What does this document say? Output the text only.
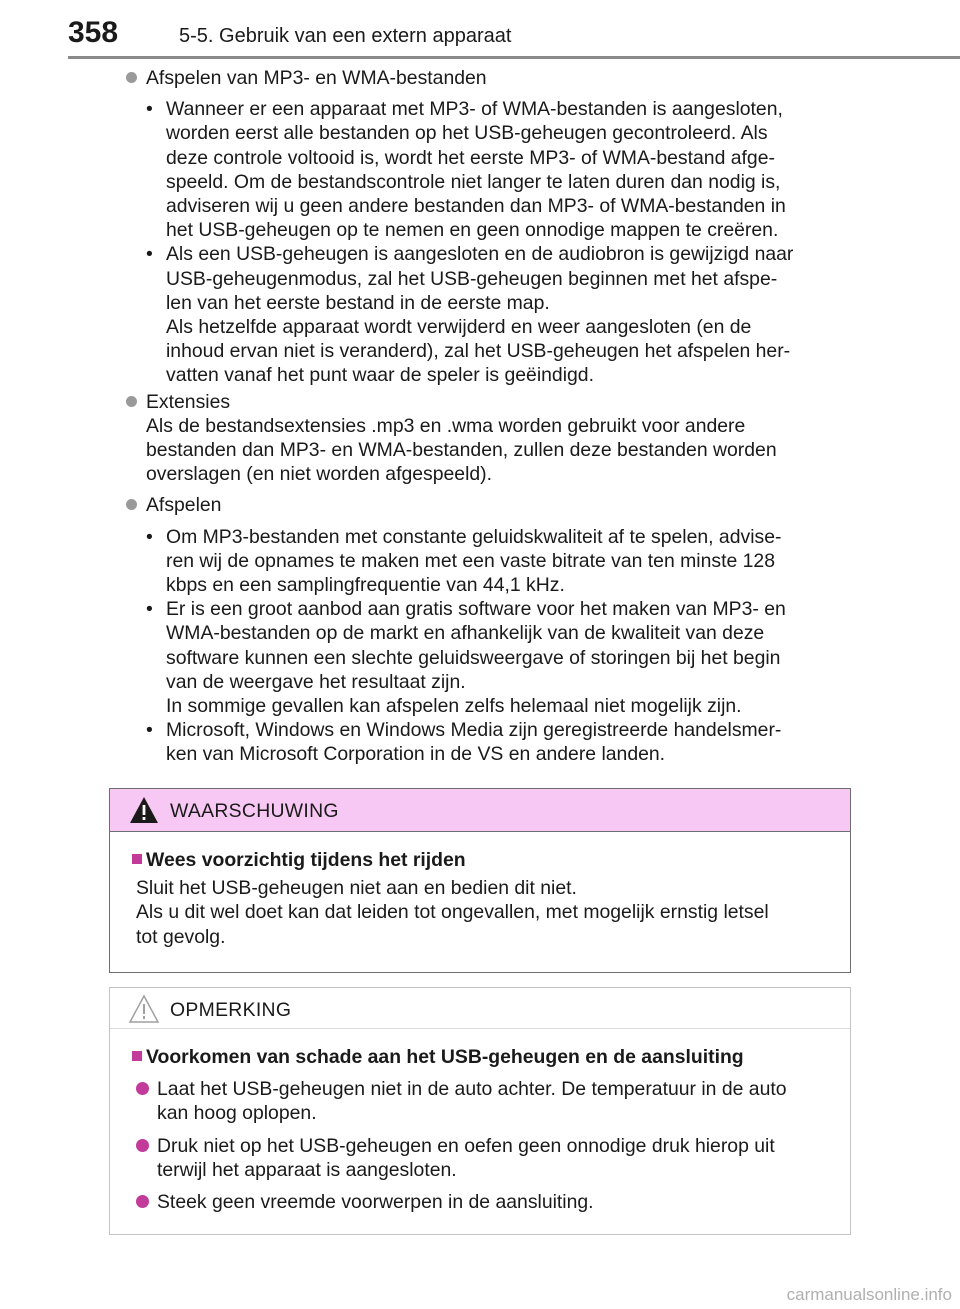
358	5-5. Gebruik van een extern apparaat
Afspelen van MP3- en WMA-bestanden
• Wanneer er een apparaat met MP3- of WMA-bestanden is aangesloten,
worden eerst alle bestanden op het USB-geheugen gecontroleerd. Als
deze controle voltooid is, wordt het eerste MP3- of WMA-bestand afge-
speeld. Om de bestandscontrole niet langer te laten duren dan nodig is,
adviseren wij u geen andere bestanden dan MP3- of WMA-bestanden in
het USB-geheugen op te nemen en geen onnodige mappen te creëren.
• Als een USB-geheugen is aangesloten en de audiobron is gewijzigd naar
USB-geheugenmodus, zal het USB-geheugen beginnen met het afspe-
len van het eerste bestand in de eerste map.
Als hetzelfde apparaat wordt verwijderd en weer aangesloten (en de
inhoud ervan niet is veranderd), zal het USB-geheugen het afspelen her-
vatten vanaf het punt waar de speler is geëindigd.
Extensies
Als de bestandsextensies .mp3 en .wma worden gebruikt voor andere
bestanden dan MP3- en WMA-bestanden, zullen deze bestanden worden
overslagen (en niet worden afgespeeld).
Afspelen
• Om MP3-bestanden met constante geluidskwaliteit af te spelen, advise-
ren wij de opnames te maken met een vaste bitrate van ten minste 128
kbps en een samplingfrequentie van 44,1 kHz.
• Er is een groot aanbod aan gratis software voor het maken van MP3- en
WMA-bestanden op de markt en afhankelijk van de kwaliteit van deze
software kunnen een slechte geluidsweergave of storingen bij het begin
van de weergave het resultaat zijn.
In sommige gevallen kan afspelen zelfs helemaal niet mogelijk zijn.
• Microsoft, Windows en Windows Media zijn geregistreerde handelsmer-
ken van Microsoft Corporation in de VS en andere landen.
WAARSCHUWING
Wees voorzichtig tijdens het rijden
Sluit het USB-geheugen niet aan en bedien dit niet.
Als u dit wel doet kan dat leiden tot ongevallen, met mogelijk ernstig letsel
tot gevolg.
OPMERKING
Voorkomen van schade aan het USB-geheugen en de aansluiting
Laat het USB-geheugen niet in de auto achter. De temperatuur in de auto
kan hoog oplopen.
Druk niet op het USB-geheugen en oefen geen onnodige druk hierop uit
terwijl het apparaat is aangesloten.
Steek geen vreemde voorwerpen in de aansluiting.
carmanualsonline.info
